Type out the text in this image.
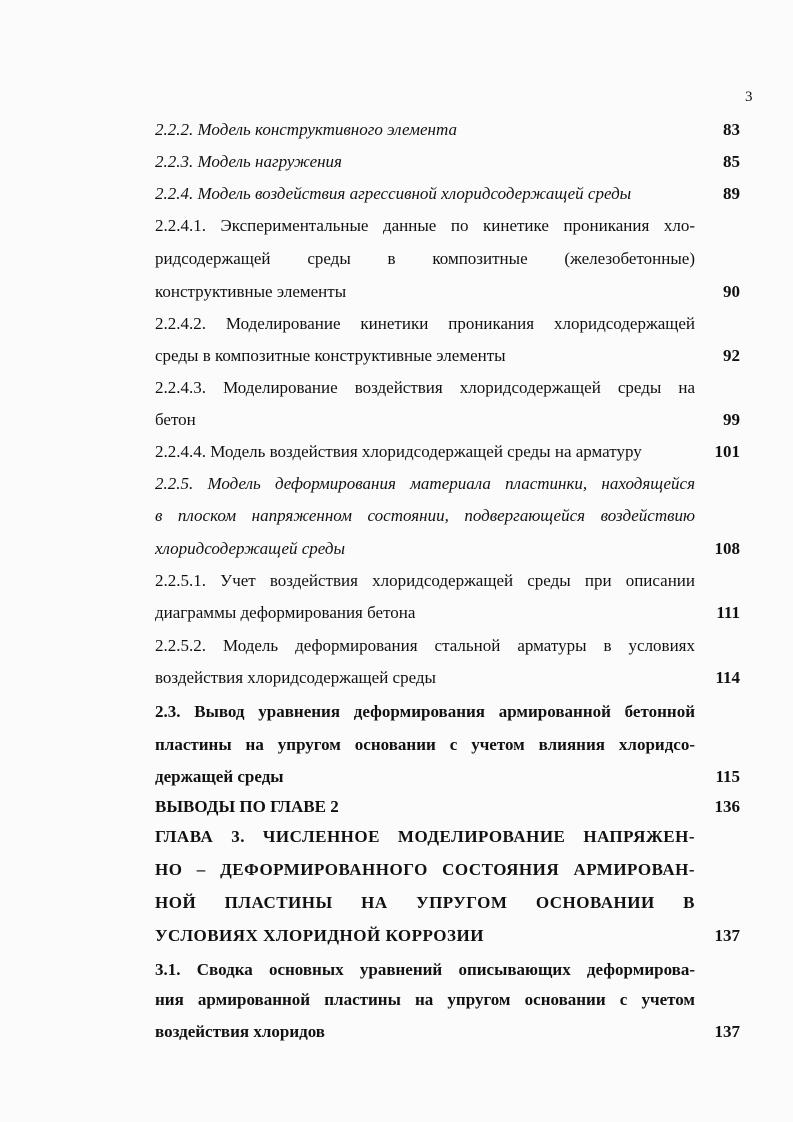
3
2.2.2. Модель конструктивного элемента	83
2.2.3. Модель нагружения	85
2.2.4. Модель воздействия агрессивной хлоридсодержащей среды	89
2.2.4.1. Экспериментальные данные по кинетике проникания хло-
ридсодержащей среды в композитные (железобетонные)
конструктивные элементы	90
2.2.4.2. Моделирование кинетики проникания хлоридсодержащей
среды в композитные конструктивные элементы	92
2.2.4.3. Моделирование воздействия хлоридсодержащей среды на
бетон	99
2.2.4.4. Модель воздействия хлоридсодержащей среды на арматуру	101
2.2.5. Модель деформирования материала пластинки, находящейся
в плоском напряженном состоянии, подвергающейся воздействию
хлоридсодержащей среды	108
2.2.5.1. Учет воздействия хлоридсодержащей среды при описании
диаграммы деформирования бетона	111
2.2.5.2. Модель деформирования стальной арматуры в условиях
воздействия хлоридсодержащей среды	114
2.3. Вывод уравнения деформирования армированной бетонной
пластины на упругом основании с учетом влияния хлоридсо-
держащей среды	115
ВЫВОДЫ ПО ГЛАВЕ 2	136
ГЛАВА 3. ЧИСЛЕННОЕ МОДЕЛИРОВАНИЕ НАПРЯЖЕН-
НО – ДЕФОРМИРОВАННОГО СОСТОЯНИЯ АРМИРОВАН-
НОЙ ПЛАСТИНЫ НА УПРУГОМ ОСНОВАНИИ В
УСЛОВИЯХ ХЛОРИДНОЙ КОРРОЗИИ	137
3.1. Сводка основных уравнений описывающих деформирова-
ния армированной пластины на упругом основании с учетом
воздействия хлоридов	137
